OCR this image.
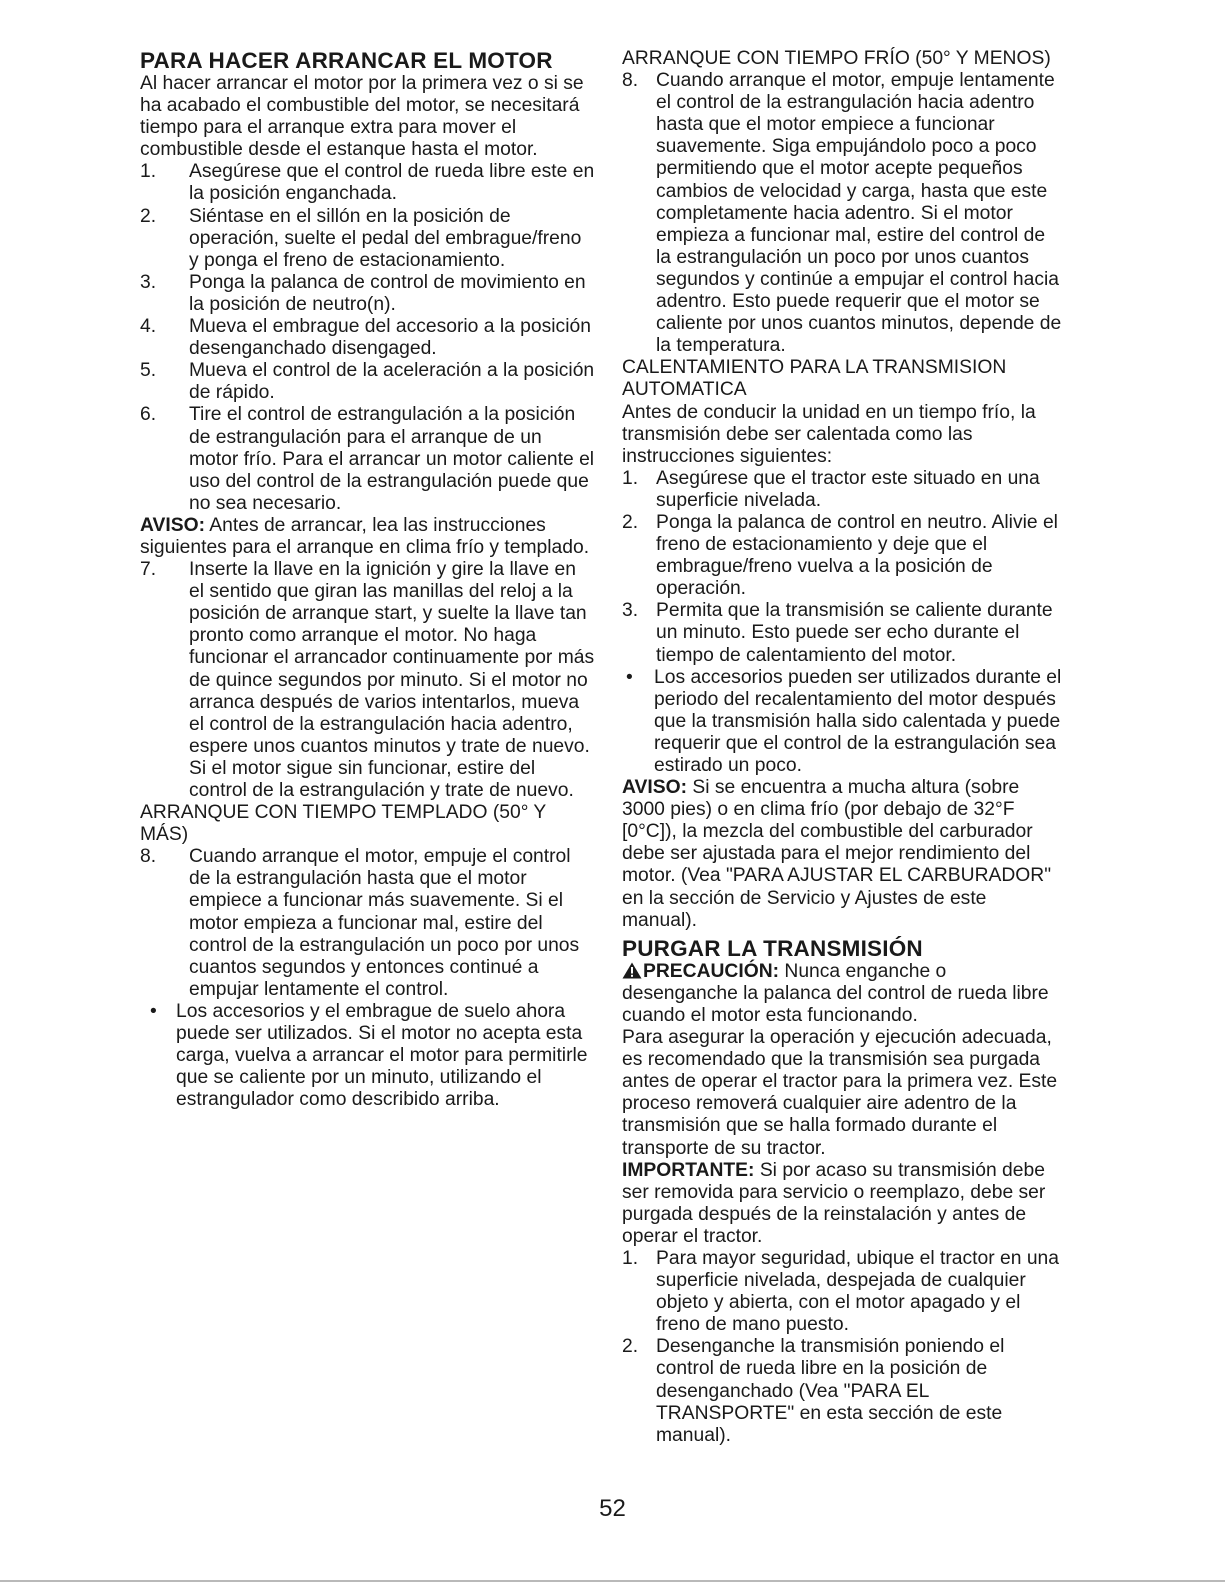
PARA HACER ARRANCAR EL MOTOR

Al hacer arrancar el motor por la primera vez o si se ha acabado el combustible del motor, se necesitará tiempo para el arranque extra para mover el combustible desde el estanque hasta el motor.

1. Asegúrese que el control de rueda libre este en la posición enganchada.
2. Siéntase en el sillón en la posición de operación, suelte el pedal del embrague/freno y ponga el freno de estacionamiento.
3. Ponga la palanca de control de movimiento en la posición de neutro(n).
4. Mueva el embrague del accesorio a la posición desenganchado disengaged.
5. Mueva el control de la aceleración a la posición de rápido.
6. Tire el control de estrangulación a la posición de estrangulación para el arranque de un motor frío. Para el arrancar un motor caliente el uso del control de la estrangulación puede que no sea necesario.

AVISO: Antes de arrancar, lea las instrucciones siguientes para el arranque en clima frío y templado.

7. Inserte la llave en la ignición y gire la llave en el sentido que giran las manillas del reloj a la posición de arranque start, y suelte la llave tan pronto como arranque el motor. No haga funcionar el arrancador continuamente por más de quince segundos por minuto. Si el motor no arranca después de varios intentarlos, mueva el control de la estrangulación hacia adentro, espere unos cuantos minutos y trate de nuevo. Si el motor sigue sin funcionar, estire del control de la estrangulación y trate de nuevo.

ARRANQUE CON TIEMPO TEMPLADO (50° Y MÁS)

8. Cuando arranque el motor, empuje el control de la estrangulación hasta que el motor empiece a funcionar más suavemente. Si el motor empieza a funcionar mal, estire del control de la estrangulación un poco por unos cuantos segundos y entonces continué a empujar lentamente el control.
• Los accesorios y el embrague de suelo ahora puede ser utilizados. Si el motor no acepta esta carga, vuelva a arrancar el motor para permitirle que se caliente por un minuto, utilizando el estrangulador como describido arriba.

ARRANQUE CON TIEMPO FRÍO (50° Y MENOS)

8. Cuando arranque el motor, empuje lentamente el control de la estrangulación hacia adentro hasta que el motor empiece a funcionar suavemente. Siga empujándolo poco a poco permitiendo que el motor acepte pequeños cambios de velocidad y carga, hasta que este completamente hacia adentro. Si el motor empieza a funcionar mal, estire del control de la estrangulación un poco por unos cuantos segundos y continúe a empujar el control hacia adentro. Esto puede requerir que el motor se caliente por unos cuantos minutos, depende de la temperatura.

CALENTAMIENTO PARA LA TRANSMISION AUTOMATICA

Antes de conducir la unidad en un tiempo frío, la transmisión debe ser calentada como las instrucciones siguientes:

1. Asegúrese que el tractor este situado en una superficie nivelada.
2. Ponga la palanca de control en neutro. Alivie el freno de estacionamiento y deje que el embrague/freno vuelva a la posición de operación.
3. Permita que la transmisión se caliente durante un minuto. Esto puede ser echo durante el tiempo de calentamiento del motor.
• Los accesorios pueden ser utilizados durante el periodo del recalentamiento del motor después que la transmisión halla sido calentada y puede requerir que el control de la estrangulación sea estirado un poco.

AVISO: Si se encuentra a mucha altura (sobre 3000 pies) o en clima frío (por debajo de 32°F [0°C]), la mezcla del combustible del carburador debe ser ajustada para el mejor rendimiento del motor. (Vea "PARA AJUSTAR EL CARBURADOR" en la sección de Servicio y Ajustes de este manual).

PURGAR LA TRANSMISIÓN

PRECAUCIÓN: Nunca enganche o desenganche la palanca del control de rueda libre cuando el motor esta funcionando.

Para asegurar la operación y ejecución adecuada, es recomendado que la transmisión sea purgada antes de operar el tractor para la primera vez. Este proceso removerá cualquier aire adentro de la transmisión que se halla formado durante el transporte de su tractor.

IMPORTANTE: Si por acaso su transmisión debe ser removida para servicio o reemplazo, debe ser purgada después de la reinstalación y antes de operar el tractor.

1. Para mayor seguridad, ubique el tractor en una superficie nivelada, despejada de cualquier objeto y abierta, con el motor apagado y el freno de mano puesto.
2. Desenganche la transmisión poniendo el control de rueda libre en la posición de desenganchado (Vea "PARA EL TRANSPORTE" en esta sección de este manual).
52
